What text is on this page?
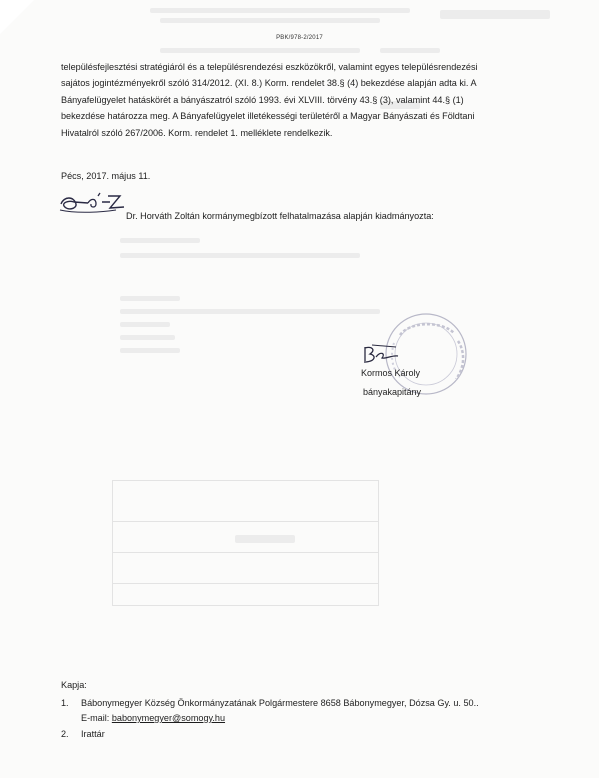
PBK/978-2/2017
településfejlesztési stratégiáról és a településrendezési eszközökről, valamint egyes településrendezési
sajátos jogintézményekről szóló 314/2012. (XI. 8.) Korm. rendelet 38.§ (4) bekezdése alapján adta ki. A
Bányafelügyelet hatáskörét a bányászatról szóló 1993. évi XLVIII. törvény 43.§ (3), valamint 44.§ (1)
bekezdése határozza meg. A Bányafelügyelet illetékességi területéről a Magyar Bányászati és Földtani
Hivatalról szóló 267/2006. Korm. rendelet 1. melléklete rendelkezik.
Pécs, 2017. május 11.
Dr. Horváth Zoltán kormánymegbízott felhatalmazása alapján kiadmányozta:
Kormos Károly
bányakapitány
Kapja:
1. Bábonymegyer Község Önkormányzatának Polgármestere 8658 Bábonymegyer, Dózsa Gy. u. 50..
E-mail: babonymegyer@somogy.hu
2. Irattár
